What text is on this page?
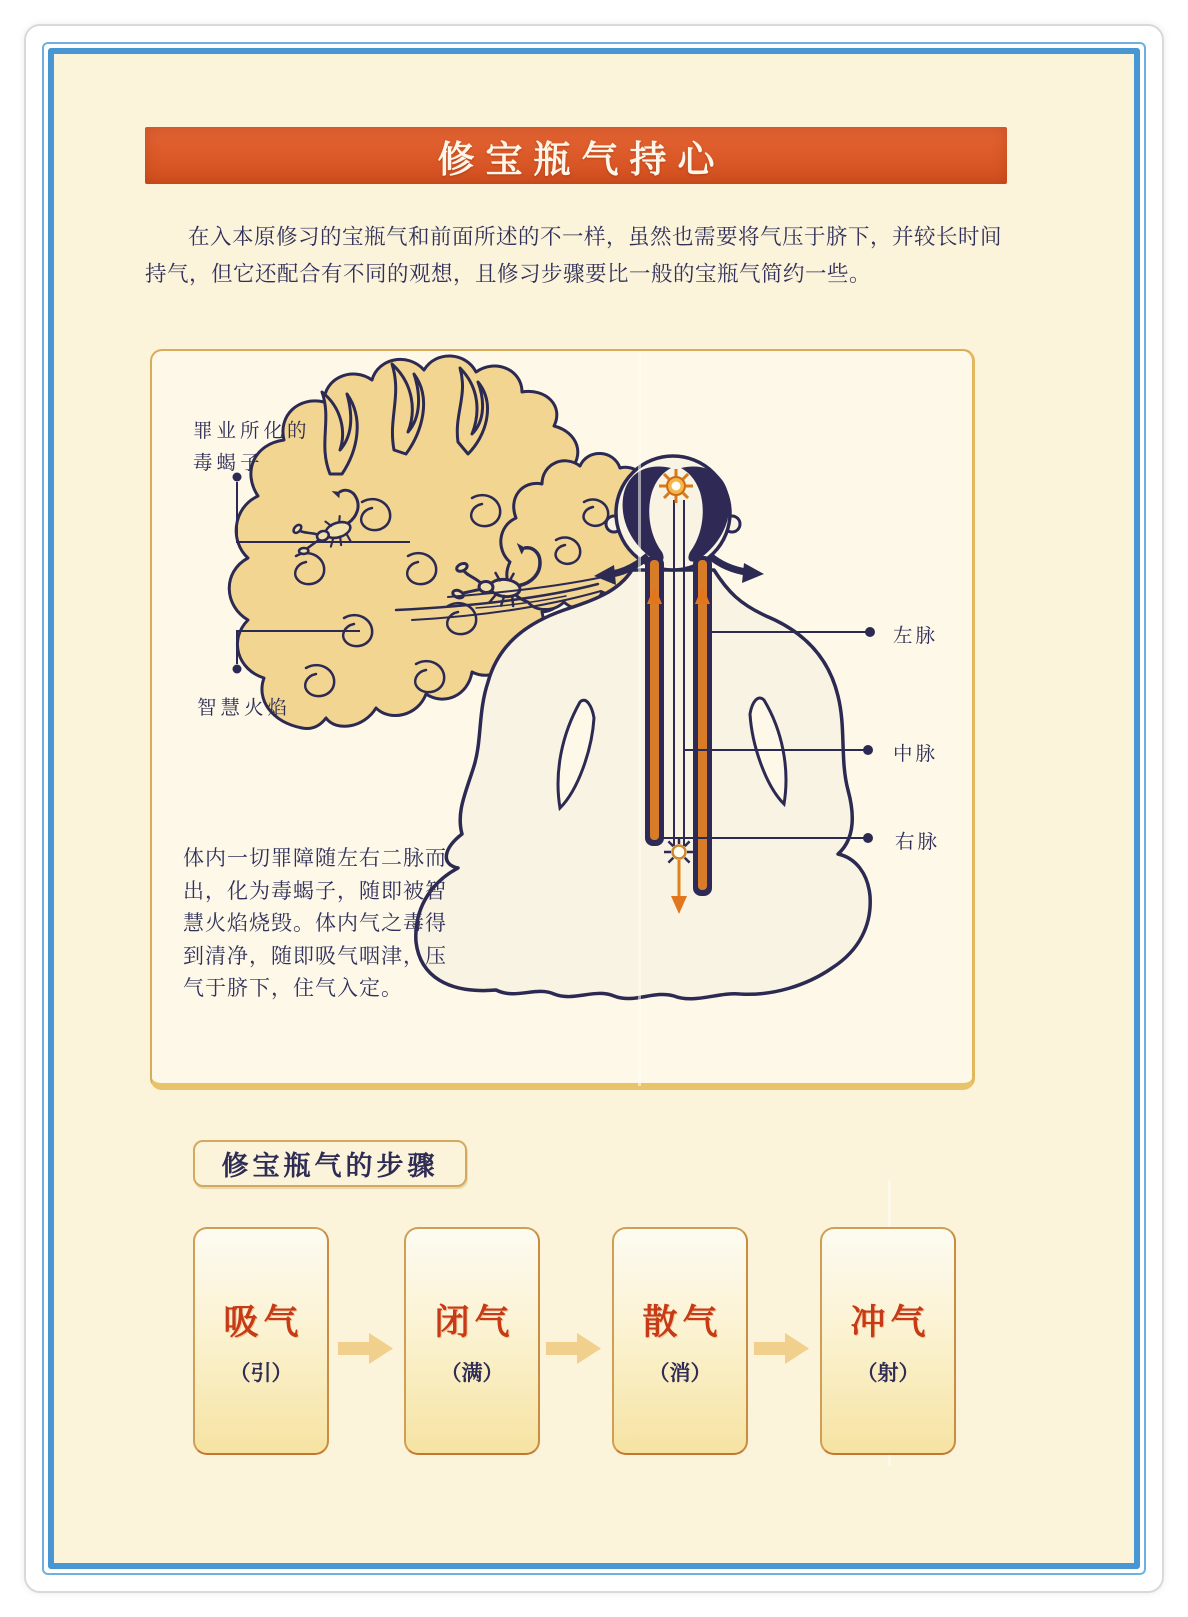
修宝瓶气持心
在入本原修习的宝瓶气和前面所述的不一样，虽然也需要将气压于脐下，并较长时间
持气，但它还配合有不同的观想，且修习步骤要比一般的宝瓶气简约一些。
罪业所化的
毒蝎子
智慧火焰
左脉
中脉
右脉
体内一切罪障随左右二脉而
出，化为毒蝎子，随即被智
慧火焰烧毁。体内气之毒得
到清净，随即吸气咽津，压
气于脐下，住气入定。
修宝瓶气的步骤
吸气
（引）
闭气
（满）
散气
（消）
冲气
（射）
